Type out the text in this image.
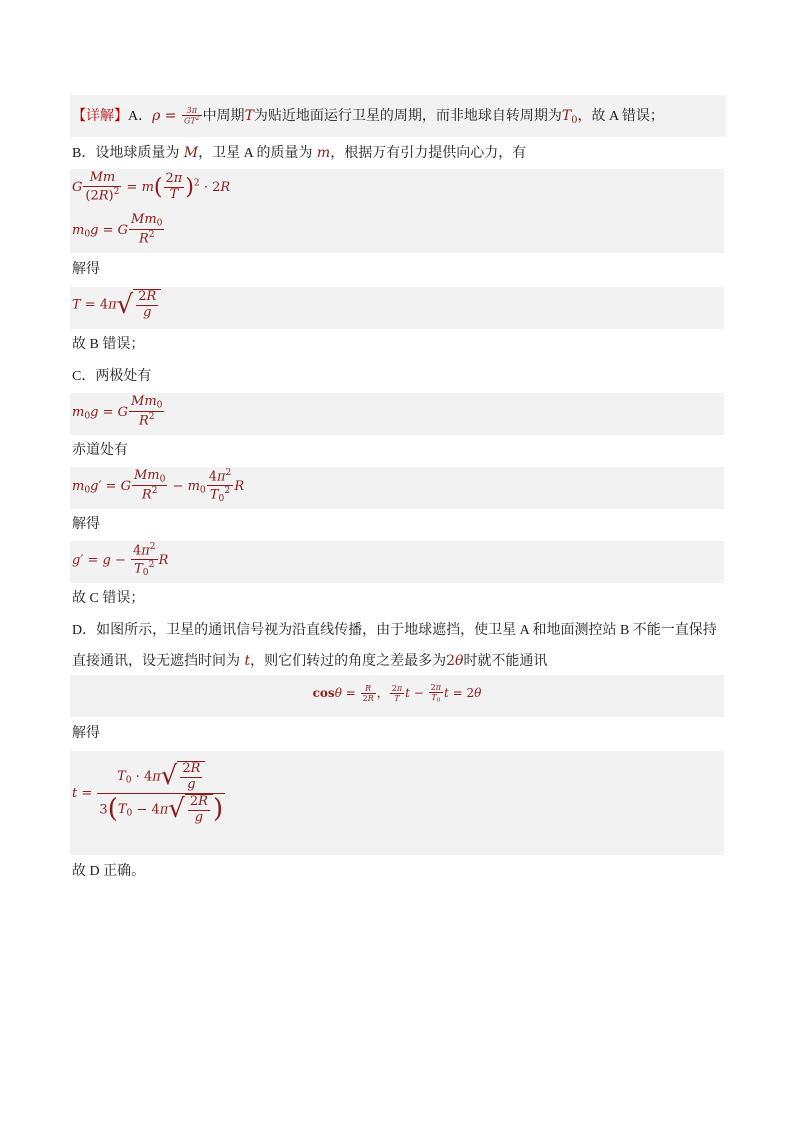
【详解】A．$\rho = \frac{3\pi}{GT^2}$ 中周期T为贴近地面运行卫星的周期，而非地球自转周期为$T_0$，故 A 错误；
B．设地球质量为 M，卫星 A 的质量为 m，根据万有引力提供向心力，有
G $\frac{Mm}{(2R)^2} = m( \frac{2\pi}{T} )^2 \cdot 2R$
$m_0g = G \frac{Mm_0}{R^2}$
解得
$T = 4\pi√ \frac{2R}{g}$
故 B 错误；
C．两极处有
$m_0g = G \frac{Mm_0}{R^2}$
赤道处有
$m_0g' = G \frac{Mm_0}{R^2} - m_0 \frac{4\pi^2}{T_0^2}$ R
解得
$g' = g - \frac{4\pi^2}{T_0^2}$ R
故 C 错误；
D．如图所示，卫星的通讯信号视为沿直线传播，由于地球遮挡，使卫星 A 和地面测控站 B 不能一直保持
直接通讯，设无遮挡时间为 t，则它们转过的角度之差最多为2θ时就不能通讯
$\cos\theta = \frac{R}{2R}$ ， $\frac{2\pi}{T}$ $t - \frac{2\pi}{T_0}$ t = 2θ
解得
$t = \frac{T_0 \cdot 4\pi√ \frac{2R}{g}}{3(T_0 - 4\pi√ \frac{2R}{g} )}$
故 D 正确。
